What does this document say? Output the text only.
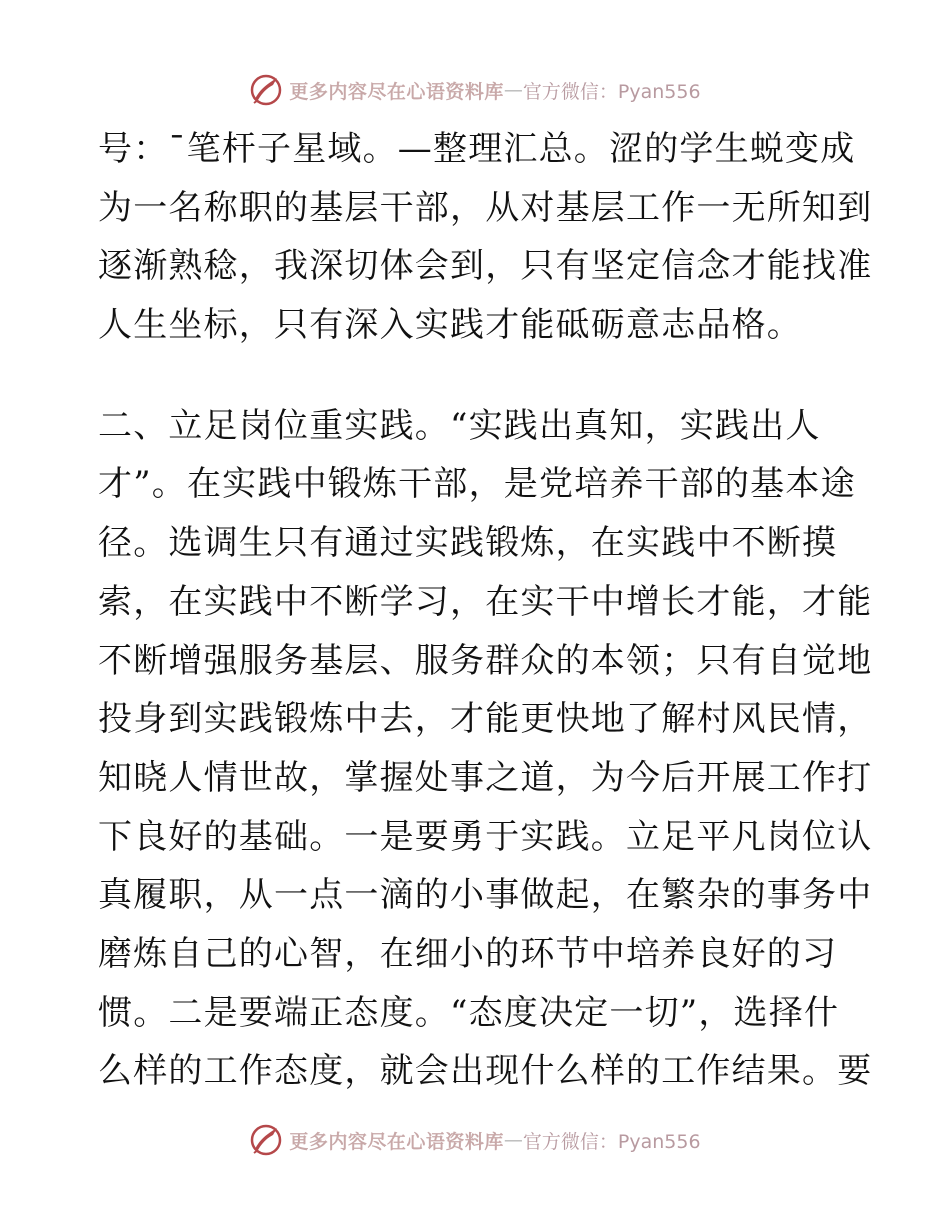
更多内容尽在心语资料库 — 官方微信：Pyan556
号：¯笔杆子星域。—整理汇总。涩的学生蜕变成
为一名称职的基层干部，从对基层工作一无所知到
逐渐熟稔，我深切体会到，只有坚定信念才能找准
人生坐标，只有深入实践才能砥砺意志品格。
二、立足岗位重实践。“实践出真知，实践出人
才”。在实践中锻炼干部，是党培养干部的基本途
径。选调生只有通过实践锻炼，在实践中不断摸
索，在实践中不断学习，在实干中增长才能，才能
不断增强服务基层、服务群众的本领；只有自觉地
投身到实践锻炼中去，才能更快地了解村风民情，
知晓人情世故，掌握处事之道，为今后开展工作打
下良好的基础。一是要勇于实践。立足平凡岗位认
真履职，从一点一滴的小事做起，在繁杂的事务中
磨炼自己的心智，在细小的环节中培养良好的习
惯。二是要端正态度。“态度决定一切”，选择什
么样的工作态度，就会出现什么样的工作结果。要
更多内容尽在心语资料库 — 官方微信：Pyan556
